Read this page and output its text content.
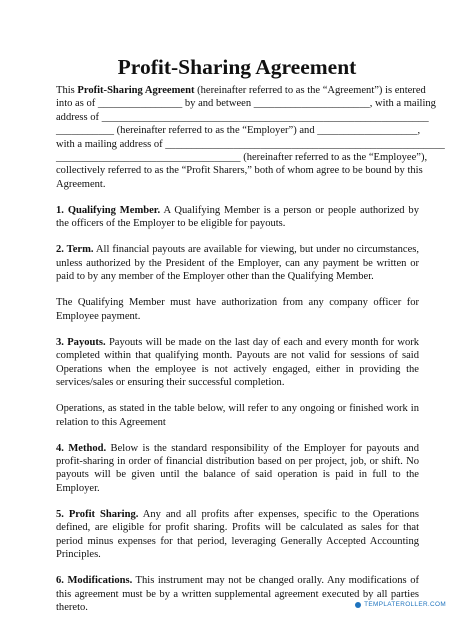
Profit-Sharing Agreement

This Profit-Sharing Agreement (hereinafter referred to as the “Agreement”) is entered
into as of ________________ by and between ______________________, with a mailing
address of ______________________________________________________________
___________ (hereinafter referred to as the “Employer”) and ___________________,
with a mailing address of _____________________________________________________
___________________________________ (hereinafter referred to as the “Employee”),
collectively referred to as the “Profit Sharers,” both of whom agree to be bound by this
Agreement.

1. Qualifying Member. A Qualifying Member is a person or people authorized by the officers of the Employer to be eligible for payouts.

2. Term. All financial payouts are available for viewing, but under no circumstances, unless authorized by the President of the Employer, can any payment be written or paid to by any member of the Employer other than the Qualifying Member.

The Qualifying Member must have authorization from any company officer for Employee payment.

3. Payouts. Payouts will be made on the last day of each and every month for work completed within that qualifying month. Payouts are not valid for sessions of said Operations when the employee is not actively engaged, either in providing the services/sales or ensuring their successful completion.

Operations, as stated in the table below, will refer to any ongoing or finished work in relation to this Agreement

4. Method. Below is the standard responsibility of the Employer for payouts and profit-sharing in order of financial distribution based on per project, job, or shift. No payouts will be given until the balance of said operation is paid in full to the Employer.

5. Profit Sharing. Any and all profits after expenses, specific to the Operations defined, are eligible for profit sharing. Profits will be calculated as sales for that period minus expenses for that period, leveraging Generally Accepted Accounting Principles.

6. Modifications. This instrument may not be changed orally. Any modifications of this agreement must be by a written supplemental agreement executed by all parties thereto.	TEMPLATEROLLER.COM
